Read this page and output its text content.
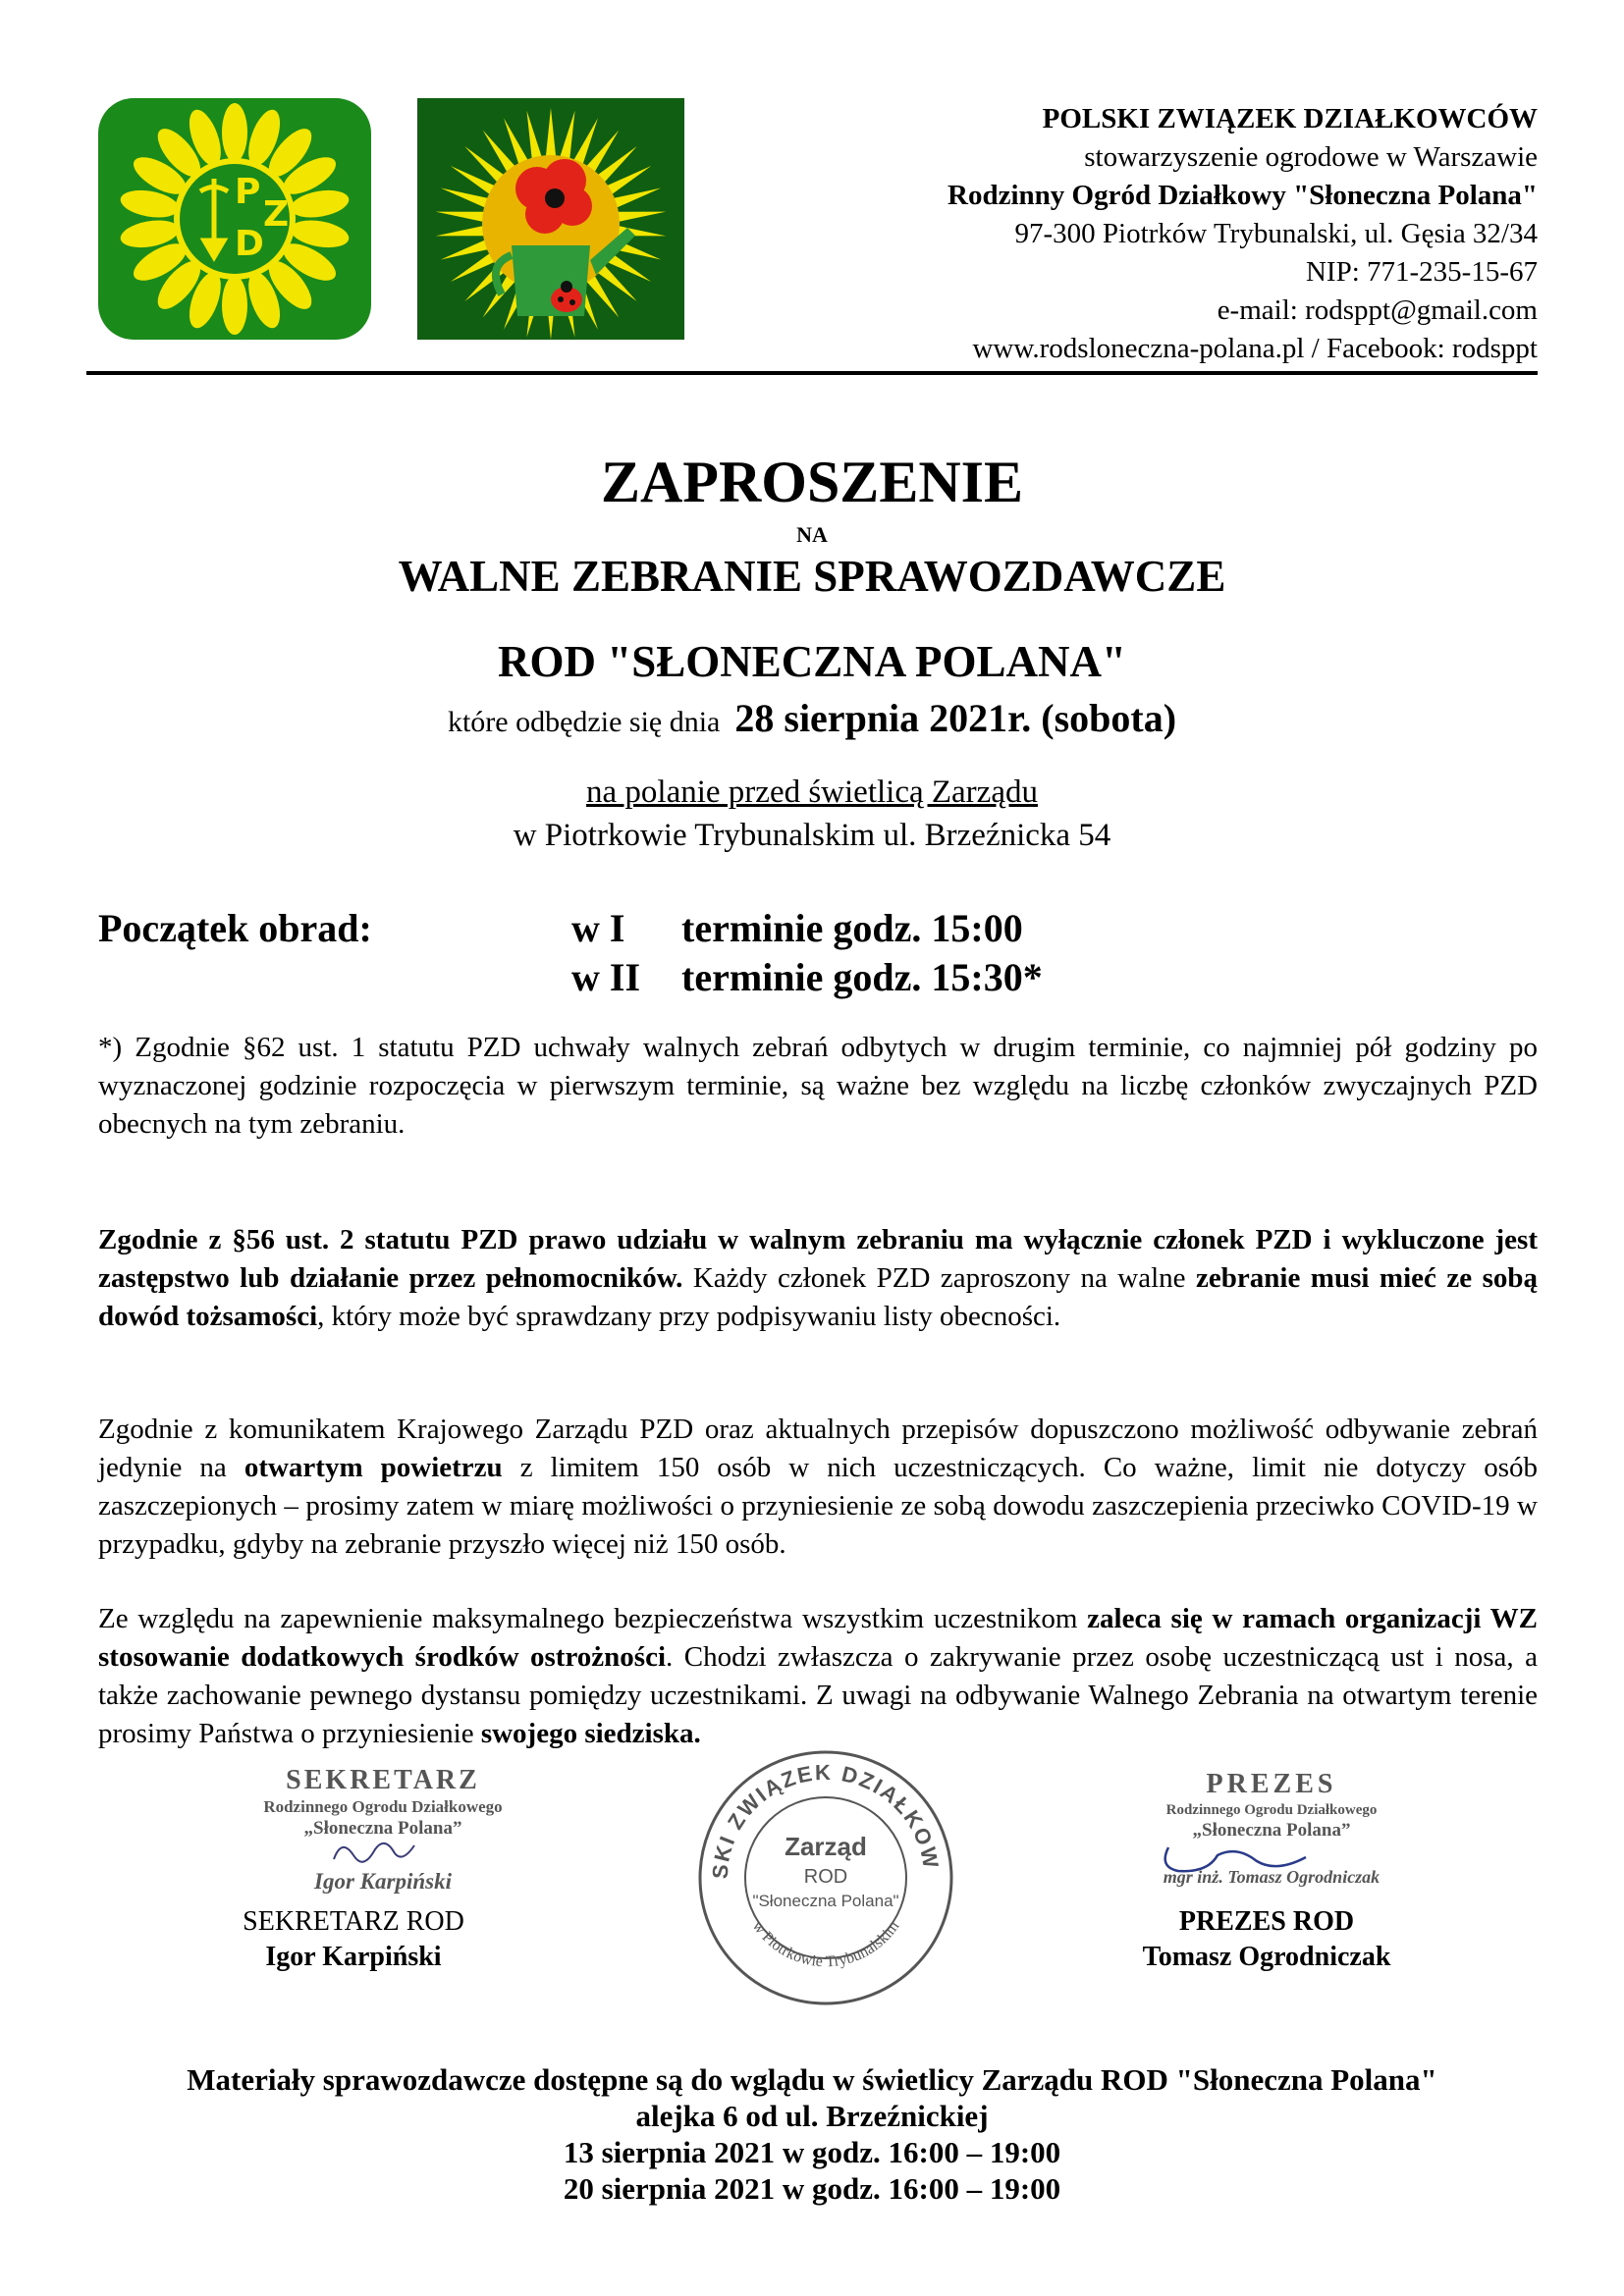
P
Z
D
POLSKI ZWIĄZEK DZIAŁKOWCÓW
stowarzyszenie ogrodowe w Warszawie
Rodzinny Ogród Działkowy "Słoneczna Polana"
97-300 Piotrków Trybunalski, ul. Gęsia 32/34
NIP: 771-235-15-67
e-mail: rodsppt@gmail.com
www.rodsloneczna-polana.pl / Facebook: rodsppt
ZAPROSZENIE
NA
WALNE ZEBRANIE SPRAWOZDAWCZE
ROD "SŁONECZNA POLANA"
które odbędzie się dnia 28 sierpnia 2021r. (sobota)
na polanie przed świetlicą Zarządu
w Piotrkowie Trybunalskim ul. Brzeźnicka 54
Początek obrad:	w I terminie godz. 15:00
w II terminie godz. 15:30*
*) Zgodnie §62 ust. 1 statutu PZD uchwały walnych zebrań odbytych w drugim terminie, co najmniej pół godziny po wyznaczonej godzinie rozpoczęcia w pierwszym terminie, są ważne bez względu na liczbę członków zwyczajnych PZD obecnych na tym zebraniu.
Zgodnie z §56 ust. 2 statutu PZD prawo udziału w walnym zebraniu ma wyłącznie członek PZD i wykluczone jest zastępstwo lub działanie przez pełnomocników. Każdy członek PZD zaproszony na walne zebranie musi mieć ze sobą dowód tożsamości, który może być sprawdzany przy podpisywaniu listy obecności.
Zgodnie z komunikatem Krajowego Zarządu PZD oraz aktualnych przepisów dopuszczono możliwość odbywanie zebrań jedynie na otwartym powietrzu z limitem 150 osób w nich uczestniczących. Co ważne, limit nie dotyczy osób zaszczepionych – prosimy zatem w miarę możliwości o przyniesienie ze sobą dowodu zaszczepienia przeciwko COVID-19 w przypadku, gdyby na zebranie przyszło więcej niż 150 osób.
Ze względu na zapewnienie maksymalnego bezpieczeństwa wszystkim uczestnikom zaleca się w ramach organizacji WZ stosowanie dodatkowych środków ostrożności. Chodzi zwłaszcza o zakrywanie przez osobę uczestniczącą ust i nosa, a także zachowanie pewnego dystansu pomiędzy uczestnikami. Z uwagi na odbywanie Walnego Zebrania na otwartym terenie prosimy Państwa o przyniesienie swojego siedziska.
SEKRETARZ
Rodzinnego Ogrodu Działkowego
„Słoneczna Polana”
Igor Karpiński
SEKRETARZ ROD
Igor Karpiński
SKI ZWIĄZEK DZIAŁKOW
w Piotrkowie Trybunalskim
Zarząd
ROD
"Słoneczna Polana"
PREZES
Rodzinnego Ogrodu Działkowego
„Słoneczna Polana”
mgr inż. Tomasz Ogrodniczak
PREZES ROD
Tomasz Ogrodniczak
Materiały sprawozdawcze dostępne są do wglądu w świetlicy Zarządu ROD "Słoneczna Polana"
alejka 6 od ul. Brzeźnickiej
13 sierpnia 2021 w godz. 16:00 – 19:00
20 sierpnia 2021 w godz. 16:00 – 19:00
